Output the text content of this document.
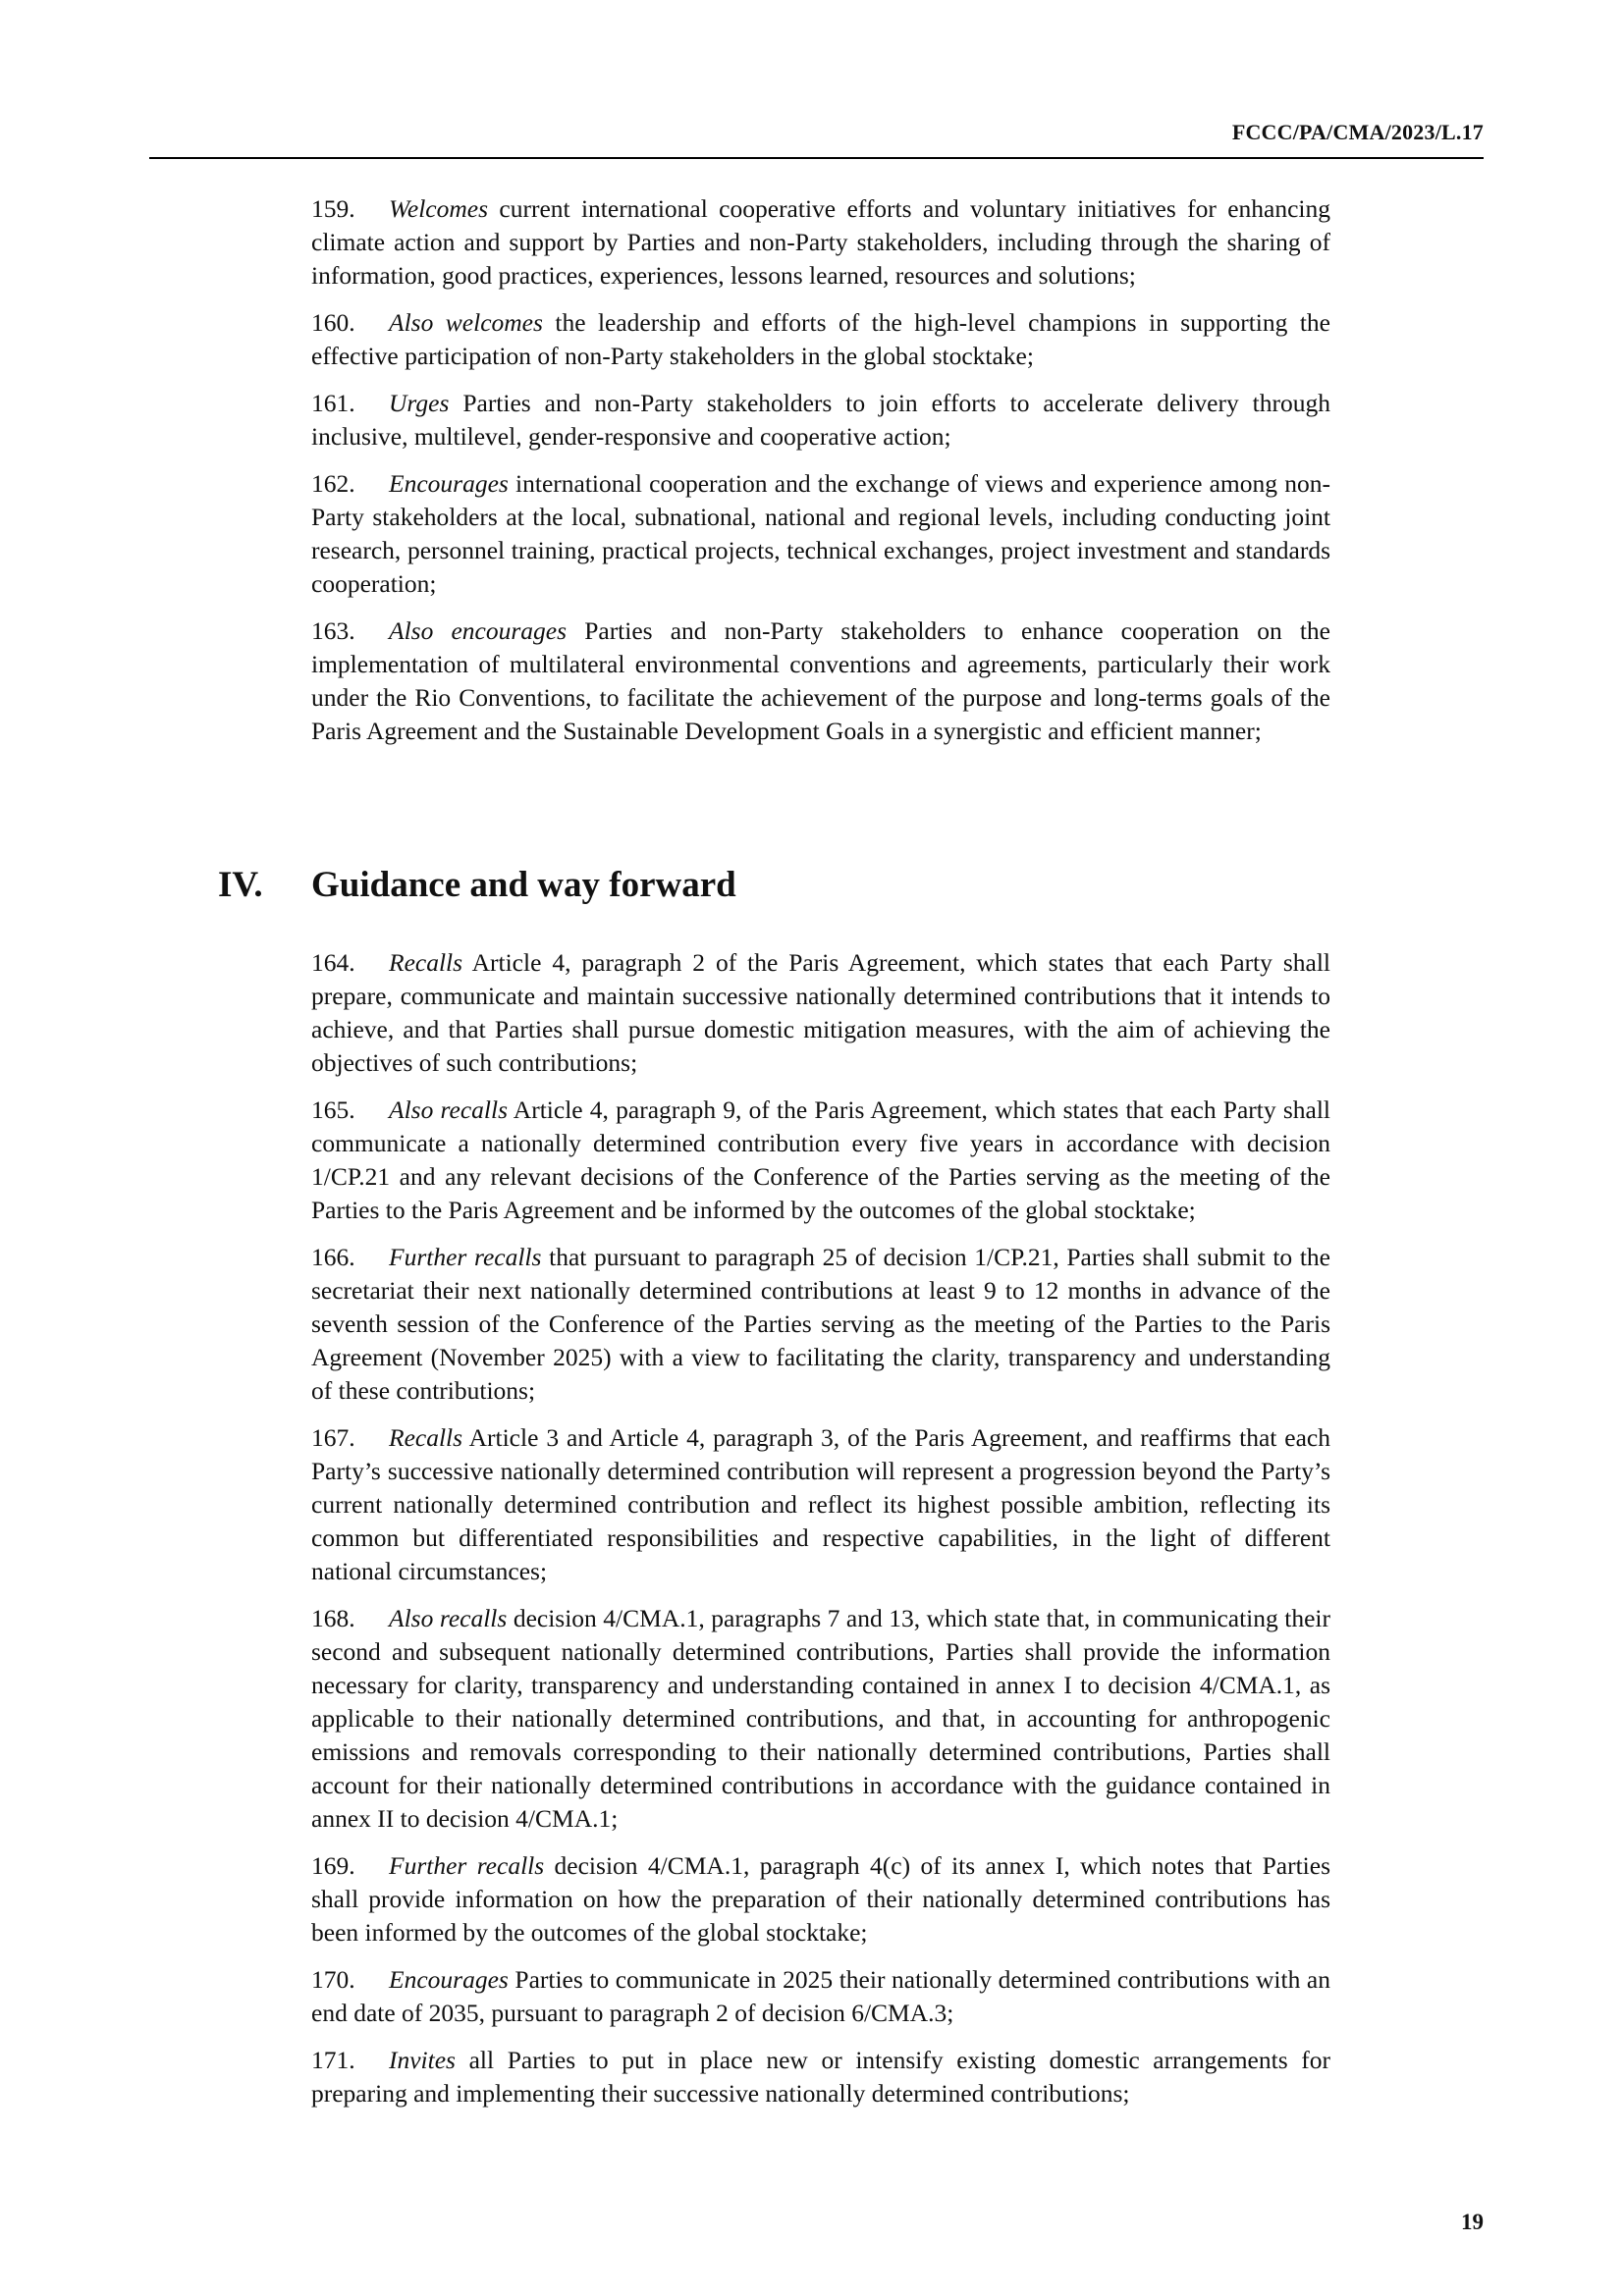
FCCC/PA/CMA/2023/L.17

159. Welcomes current international cooperative efforts and voluntary initiatives for enhancing climate action and support by Parties and non-Party stakeholders, including through the sharing of information, good practices, experiences, lessons learned, resources and solutions;

160. Also welcomes the leadership and efforts of the high-level champions in supporting the effective participation of non-Party stakeholders in the global stocktake;

161. Urges Parties and non-Party stakeholders to join efforts to accelerate delivery through inclusive, multilevel, gender-responsive and cooperative action;

162. Encourages international cooperation and the exchange of views and experience among non-Party stakeholders at the local, subnational, national and regional levels, including conducting joint research, personnel training, practical projects, technical exchanges, project investment and standards cooperation;

163. Also encourages Parties and non-Party stakeholders to enhance cooperation on the implementation of multilateral environmental conventions and agreements, particularly their work under the Rio Conventions, to facilitate the achievement of the purpose and long-terms goals of the Paris Agreement and the Sustainable Development Goals in a synergistic and efficient manner;

IV. Guidance and way forward

164. Recalls Article 4, paragraph 2 of the Paris Agreement, which states that each Party shall prepare, communicate and maintain successive nationally determined contributions that it intends to achieve, and that Parties shall pursue domestic mitigation measures, with the aim of achieving the objectives of such contributions;

165. Also recalls Article 4, paragraph 9, of the Paris Agreement, which states that each Party shall communicate a nationally determined contribution every five years in accordance with decision 1/CP.21 and any relevant decisions of the Conference of the Parties serving as the meeting of the Parties to the Paris Agreement and be informed by the outcomes of the global stocktake;

166. Further recalls that pursuant to paragraph 25 of decision 1/CP.21, Parties shall submit to the secretariat their next nationally determined contributions at least 9 to 12 months in advance of the seventh session of the Conference of the Parties serving as the meeting of the Parties to the Paris Agreement (November 2025) with a view to facilitating the clarity, transparency and understanding of these contributions;

167. Recalls Article 3 and Article 4, paragraph 3, of the Paris Agreement, and reaffirms that each Party’s successive nationally determined contribution will represent a progression beyond the Party’s current nationally determined contribution and reflect its highest possible ambition, reflecting its common but differentiated responsibilities and respective capabilities, in the light of different national circumstances;

168. Also recalls decision 4/CMA.1, paragraphs 7 and 13, which state that, in communicating their second and subsequent nationally determined contributions, Parties shall provide the information necessary for clarity, transparency and understanding contained in annex I to decision 4/CMA.1, as applicable to their nationally determined contributions, and that, in accounting for anthropogenic emissions and removals corresponding to their nationally determined contributions, Parties shall account for their nationally determined contributions in accordance with the guidance contained in annex II to decision 4/CMA.1;

169. Further recalls decision 4/CMA.1, paragraph 4(c) of its annex I, which notes that Parties shall provide information on how the preparation of their nationally determined contributions has been informed by the outcomes of the global stocktake;

170. Encourages Parties to communicate in 2025 their nationally determined contributions with an end date of 2035, pursuant to paragraph 2 of decision 6/CMA.3;

171. Invites all Parties to put in place new or intensify existing domestic arrangements for preparing and implementing their successive nationally determined contributions;

19
